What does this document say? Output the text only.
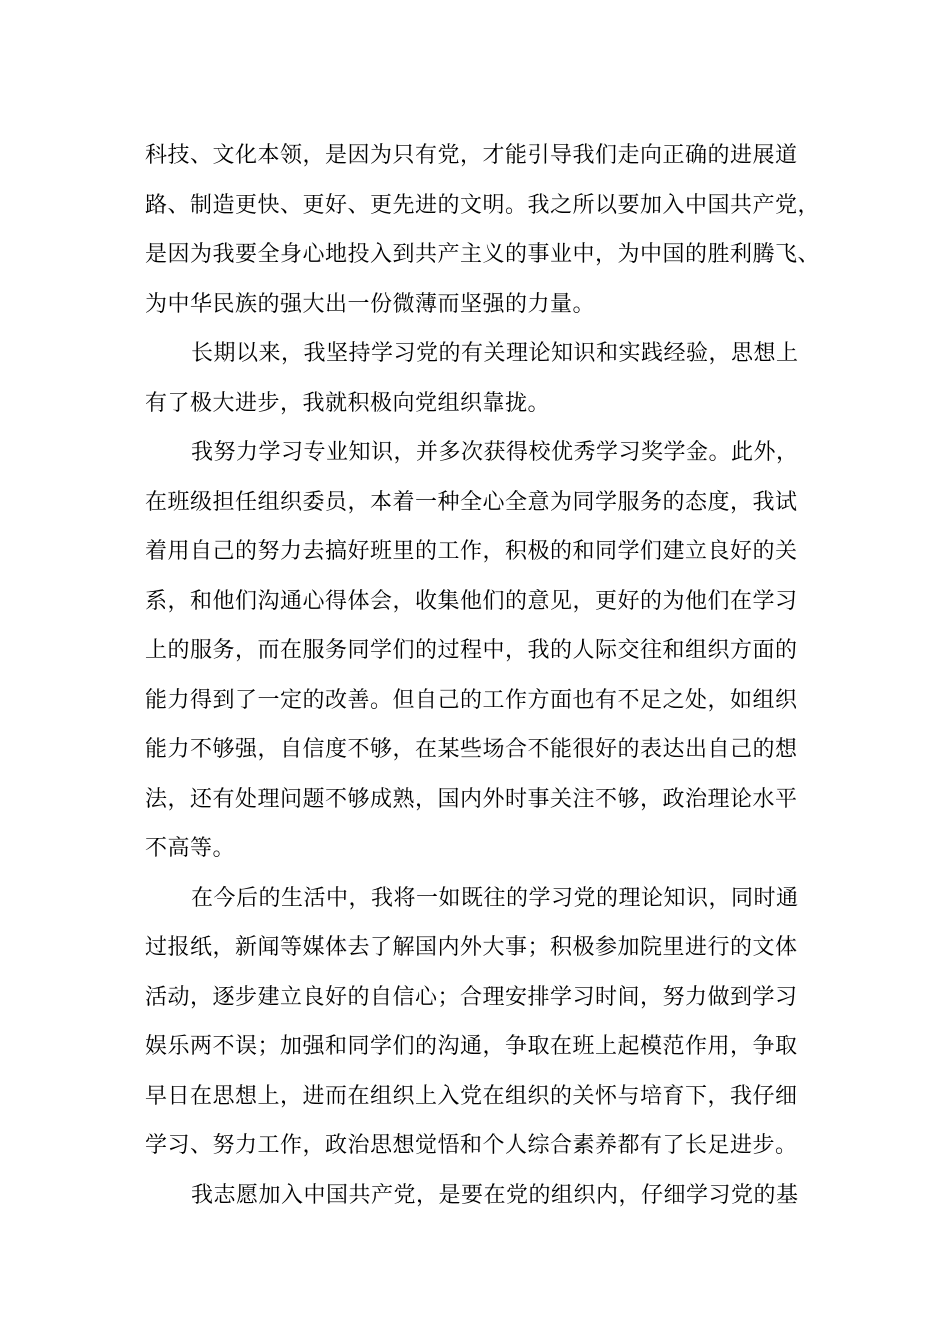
科技、文化本领，是因为只有党，才能引导我们走向正确的进展道
路、制造更快、更好、更先进的文明。我之所以要加入中国共产党，
是因为我要全身心地投入到共产主义的事业中，为中国的胜利腾飞、
为中华民族的强大出一份微薄而坚强的力量。
长期以来，我坚持学习党的有关理论知识和实践经验，思想上
有了极大进步，我就积极向党组织靠拢。
我努力学习专业知识，并多次获得校优秀学习奖学金。此外，
在班级担任组织委员，本着一种全心全意为同学服务的态度，我试
着用自己的努力去搞好班里的工作，积极的和同学们建立良好的关
系，和他们沟通心得体会，收集他们的意见，更好的为他们在学习
上的服务，而在服务同学们的过程中，我的人际交往和组织方面的
能力得到了一定的改善。但自己的工作方面也有不足之处，如组织
能力不够强，自信度不够，在某些场合不能很好的表达出自己的想
法，还有处理问题不够成熟，国内外时事关注不够，政治理论水平
不高等。
在今后的生活中，我将一如既往的学习党的理论知识，同时通
过报纸，新闻等媒体去了解国内外大事；积极参加院里进行的文体
活动，逐步建立良好的自信心；合理安排学习时间，努力做到学习
娱乐两不误；加强和同学们的沟通，争取在班上起模范作用，争取
早日在思想上，进而在组织上入党在组织的关怀与培育下，我仔细
学习、努力工作，政治思想觉悟和个人综合素养都有了长足进步。
我志愿加入中国共产党，是要在党的组织内，仔细学习党的基
